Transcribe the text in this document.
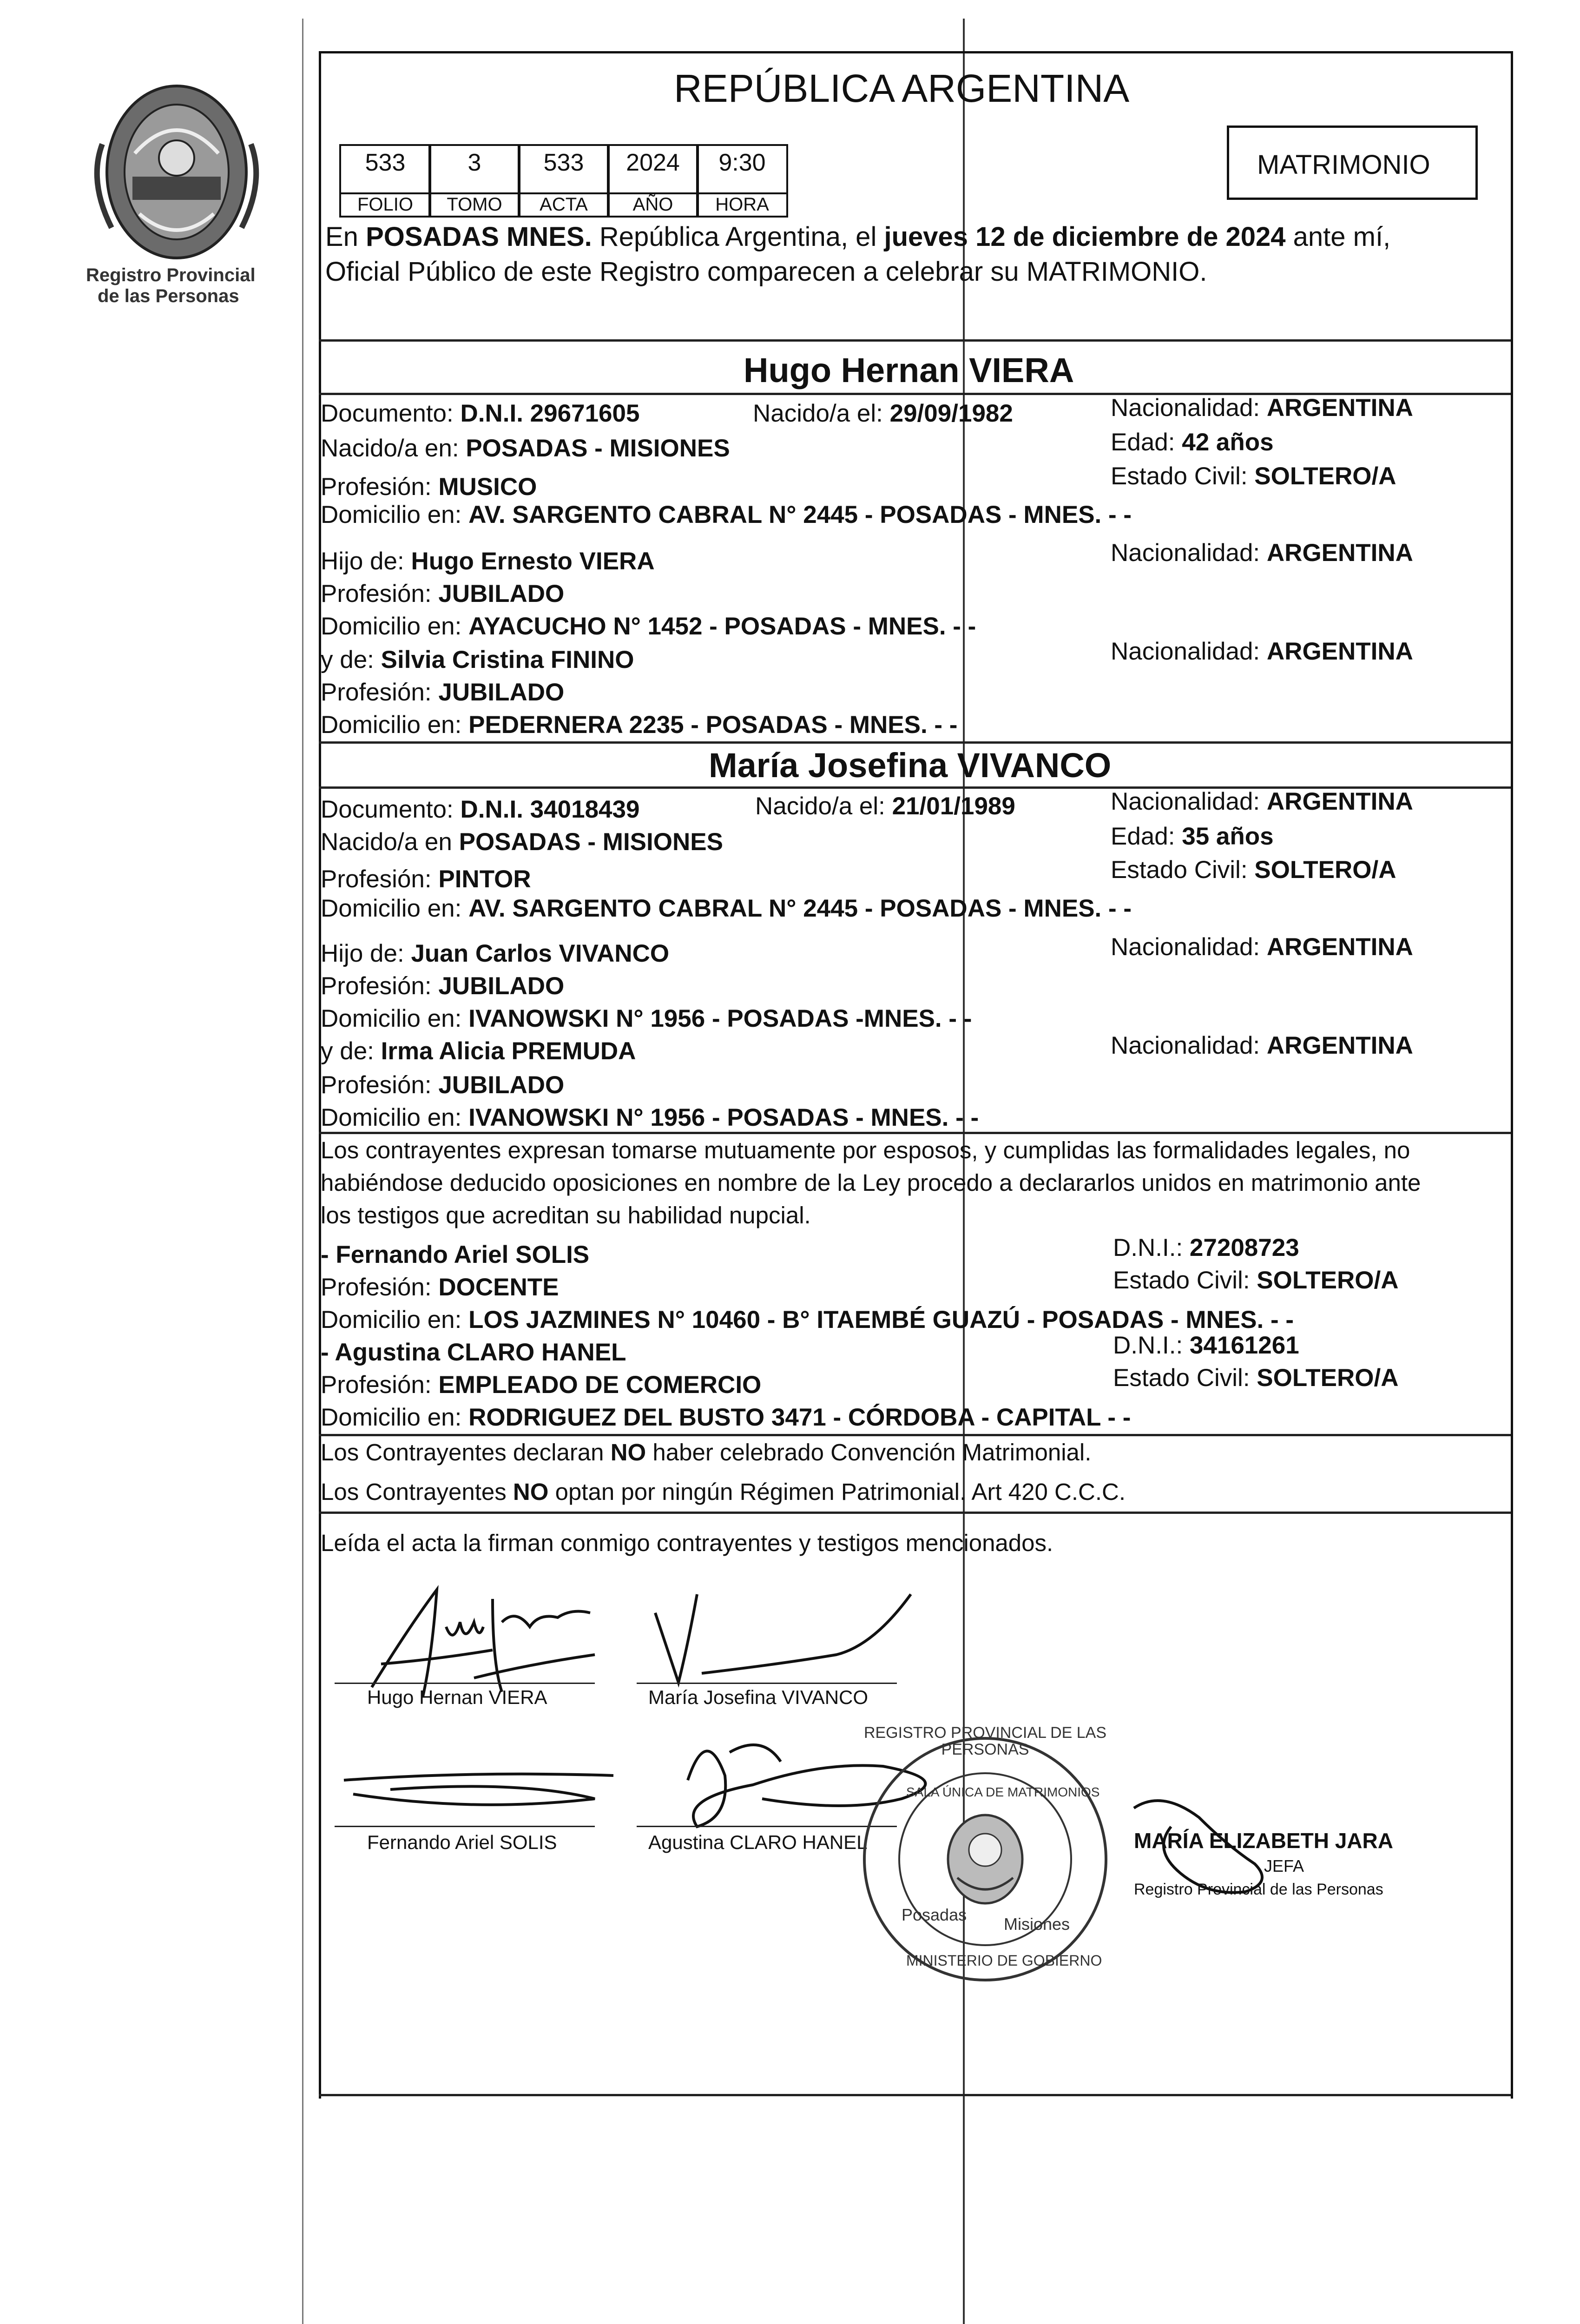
Registro Provincial
de las Personas
REPÚBLICA ARGENTINA
533	3	533	2024	9:30
FOLIO	TOMO	ACTA	AÑO	HORA
MATRIMONIO
En POSADAS MNES. República Argentina, el jueves 12 de diciembre de 2024 ante mí,
Oficial Público de este Registro comparecen a celebrar su MATRIMONIO.
Hugo Hernan VIERA
Documento: D.N.I. 29671605	Nacido/a el: 29/09/1982	Nacionalidad: ARGENTINA
Nacido/a en: POSADAS - MISIONES	Edad: 42 años
Profesión: MUSICO	Estado Civil: SOLTERO/A
Domicilio en: AV. SARGENTO CABRAL N° 2445 - POSADAS - MNES. - -
Hijo de: Hugo Ernesto VIERA	Nacionalidad: ARGENTINA
Profesión: JUBILADO
Domicilio en: AYACUCHO N° 1452 - POSADAS - MNES. - -
y de: Silvia Cristina FININO	Nacionalidad: ARGENTINA
Profesión: JUBILADO
Domicilio en: PEDERNERA 2235 - POSADAS - MNES. - -
María Josefina VIVANCO
Documento: D.N.I. 34018439	Nacido/a el: 21/01/1989	Nacionalidad: ARGENTINA
Nacido/a en POSADAS - MISIONES	Edad: 35 años
Profesión: PINTOR	Estado Civil: SOLTERO/A
Domicilio en: AV. SARGENTO CABRAL N° 2445 - POSADAS - MNES. - -
Hijo de: Juan Carlos VIVANCO	Nacionalidad: ARGENTINA
Profesión: JUBILADO
Domicilio en: IVANOWSKI N° 1956 - POSADAS -MNES. - -
y de: Irma Alicia PREMUDA	Nacionalidad: ARGENTINA
Profesión: JUBILADO
Domicilio en: IVANOWSKI N° 1956 - POSADAS - MNES. - -
Los contrayentes expresan tomarse mutuamente por esposos, y cumplidas las formalidades legales, no
habiéndose deducido oposiciones en nombre de la Ley procedo a declararlos unidos en matrimonio ante
los testigos que acreditan su habilidad nupcial.
- Fernando Ariel SOLIS	D.N.I.: 27208723
Profesión: DOCENTE	Estado Civil: SOLTERO/A
Domicilio en: LOS JAZMINES N° 10460 - B° ITAEMBÉ GUAZÚ - POSADAS - MNES. - -
- Agustina CLARO HANEL	D.N.I.: 34161261
Profesión: EMPLEADO DE COMERCIO	Estado Civil: SOLTERO/A
Domicilio en: RODRIGUEZ DEL BUSTO 3471 - CÓRDOBA - CAPITAL - -
Los Contrayentes declaran NO haber celebrado Convención Matrimonial.
Los Contrayentes NO optan por ningún Régimen Patrimonial. Art 420 C.C.C.
Leída el acta la firman conmigo contrayentes y testigos mencionados.
Hugo Hernan VIERA	María Josefina VIVANCO
Fernando Ariel SOLIS	Agustina CLARO HANEL
REGISTRO PROVINCIAL DE LAS PERSONAS
SALA ÚNICA DE MATRIMONIOS
Posadas Misiones
MINISTERIO DE GOBIERNO
MARÍA ELIZABETH JARA
JEFA
Registro Provincial de las Personas
